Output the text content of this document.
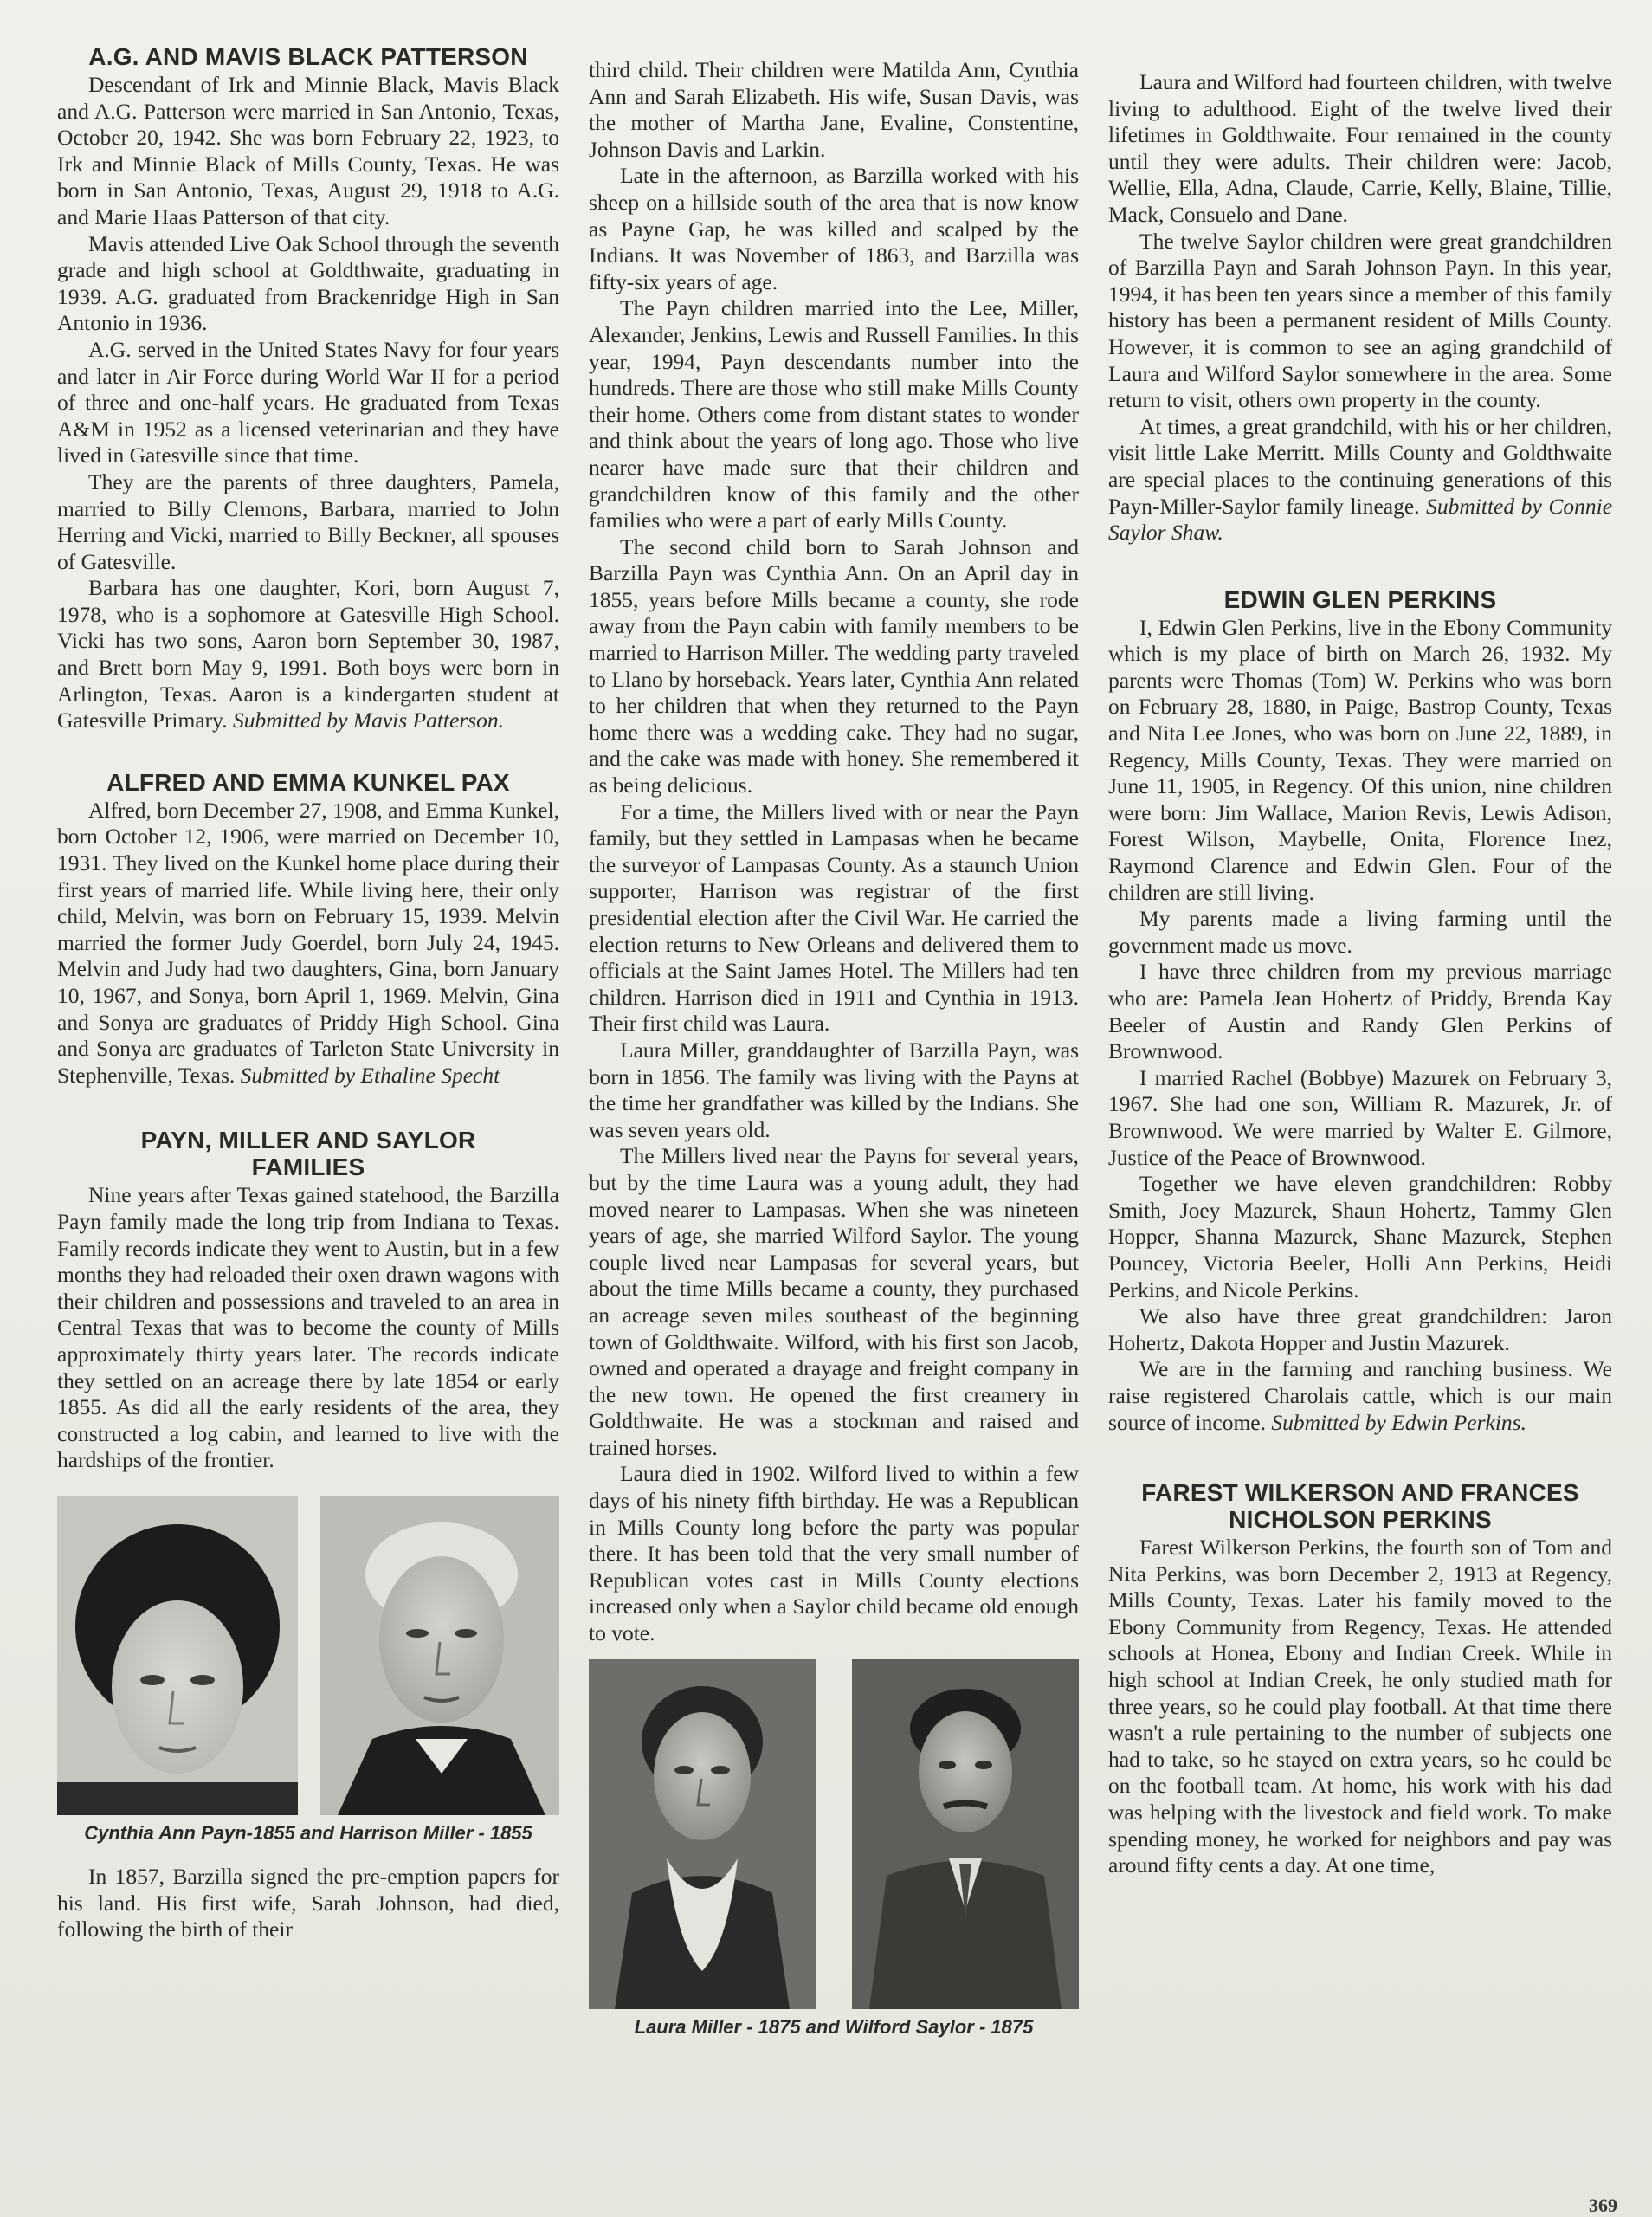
A.G. AND MAVIS BLACK PATTERSON

Descendant of Irk and Minnie Black, Mavis Black and A.G. Patterson were married in San Antonio, Texas, October 20, 1942. She was born February 22, 1923, to Irk and Minnie Black of Mills County, Texas. He was born in San Antonio, Texas, August 29, 1918 to A.G. and Marie Haas Patterson of that city.

Mavis attended Live Oak School through the seventh grade and high school at Goldthwaite, graduating in 1939. A.G. graduated from Brackenridge High in San Antonio in 1936.

A.G. served in the United States Navy for four years and later in Air Force during World War II for a period of three and one-half years. He graduated from Texas A&M in 1952 as a licensed veterinarian and they have lived in Gatesville since that time.

They are the parents of three daughters, Pamela, married to Billy Clemons, Barbara, married to John Herring and Vicki, married to Billy Beckner, all spouses of Gatesville.

Barbara has one daughter, Kori, born August 7, 1978, who is a sophomore at Gatesville High School. Vicki has two sons, Aaron born September 30, 1987, and Brett born May 9, 1991. Both boys were born in Arlington, Texas. Aaron is a kindergarten student at Gatesville Primary. Submitted by Mavis Patterson.

ALFRED AND EMMA KUNKEL PAX

Alfred, born December 27, 1908, and Emma Kunkel, born October 12, 1906, were married on December 10, 1931. They lived on the Kunkel home place during their first years of married life. While living here, their only child, Melvin, was born on February 15, 1939. Melvin married the former Judy Goerdel, born July 24, 1945. Melvin and Judy had two daughters, Gina, born January 10, 1967, and Sonya, born April 1, 1969. Melvin, Gina and Sonya are graduates of Priddy High School. Gina and Sonya are graduates of Tarleton State University in Stephenville, Texas. Submitted by Ethaline Specht

PAYN, MILLER AND SAYLOR
FAMILIES

Nine years after Texas gained statehood, the Barzilla Payn family made the long trip from Indiana to Texas. Family records indicate they went to Austin, but in a few months they had reloaded their oxen drawn wagons with their children and possessions and traveled to an area in Central Texas that was to become the county of Mills approximately thirty years later. The records indicate they settled on an acreage there by late 1854 or early 1855. As did all the early residents of the area, they constructed a log cabin, and learned to live with the hardships of the frontier.

Cynthia Ann Payn-1855 and Harrison Miller - 1855

In 1857, Barzilla signed the pre-emption papers for his land. His first wife, Sarah Johnson, had died, following the birth of their

third child. Their children were Matilda Ann, Cynthia Ann and Sarah Elizabeth. His wife, Susan Davis, was the mother of Martha Jane, Evaline, Constentine, Johnson Davis and Larkin.

Late in the afternoon, as Barzilla worked with his sheep on a hillside south of the area that is now know as Payne Gap, he was killed and scalped by the Indians. It was November of 1863, and Barzilla was fifty-six years of age.

The Payn children married into the Lee, Miller, Alexander, Jenkins, Lewis and Russell Families. In this year, 1994, Payn descendants number into the hundreds. There are those who still make Mills County their home. Others come from distant states to wonder and think about the years of long ago. Those who live nearer have made sure that their children and grandchildren know of this family and the other families who were a part of early Mills County.

The second child born to Sarah Johnson and Barzilla Payn was Cynthia Ann. On an April day in 1855, years before Mills became a county, she rode away from the Payn cabin with family members to be married to Harrison Miller. The wedding party traveled to Llano by horseback. Years later, Cynthia Ann related to her children that when they returned to the Payn home there was a wedding cake. They had no sugar, and the cake was made with honey. She remembered it as being delicious.

For a time, the Millers lived with or near the Payn family, but they settled in Lampasas when he became the surveyor of Lampasas County. As a staunch Union supporter, Harrison was registrar of the first presidential election after the Civil War. He carried the election returns to New Orleans and delivered them to officials at the Saint James Hotel. The Millers had ten children. Harrison died in 1911 and Cynthia in 1913. Their first child was Laura.

Laura Miller, granddaughter of Barzilla Payn, was born in 1856. The family was living with the Payns at the time her grandfather was killed by the Indians. She was seven years old.

The Millers lived near the Payns for several years, but by the time Laura was a young adult, they had moved nearer to Lampasas. When she was nineteen years of age, she married Wilford Saylor. The young couple lived near Lampasas for several years, but about the time Mills became a county, they purchased an acreage seven miles southeast of the beginning town of Goldthwaite. Wilford, with his first son Jacob, owned and operated a drayage and freight company in the new town. He opened the first creamery in Goldthwaite. He was a stockman and raised and trained horses.

Laura died in 1902. Wilford lived to within a few days of his ninety fifth birthday. He was a Republican in Mills County long before the party was popular there. It has been told that the very small number of Republican votes cast in Mills County elections increased only when a Saylor child became old enough to vote.

Laura Miller - 1875 and Wilford Saylor - 1875

Laura and Wilford had fourteen children, with twelve living to adulthood. Eight of the twelve lived their lifetimes in Goldthwaite. Four remained in the county until they were adults. Their children were: Jacob, Wellie, Ella, Adna, Claude, Carrie, Kelly, Blaine, Tillie, Mack, Consuelo and Dane.

The twelve Saylor children were great grandchildren of Barzilla Payn and Sarah Johnson Payn. In this year, 1994, it has been ten years since a member of this family history has been a permanent resident of Mills County. However, it is common to see an aging grandchild of Laura and Wilford Saylor somewhere in the area. Some return to visit, others own property in the county.

At times, a great grandchild, with his or her children, visit little Lake Merritt. Mills County and Goldthwaite are special places to the continuing generations of this Payn-Miller-Saylor family lineage. Submitted by Connie Saylor Shaw.

EDWIN GLEN PERKINS

I, Edwin Glen Perkins, live in the Ebony Community which is my place of birth on March 26, 1932. My parents were Thomas (Tom) W. Perkins who was born on February 28, 1880, in Paige, Bastrop County, Texas and Nita Lee Jones, who was born on June 22, 1889, in Regency, Mills County, Texas. They were married on June 11, 1905, in Regency. Of this union, nine children were born: Jim Wallace, Marion Revis, Lewis Adison, Forest Wilson, Maybelle, Onita, Florence Inez, Raymond Clarence and Edwin Glen. Four of the children are still living.

My parents made a living farming until the government made us move.

I have three children from my previous marriage who are: Pamela Jean Hohertz of Priddy, Brenda Kay Beeler of Austin and Randy Glen Perkins of Brownwood.

I married Rachel (Bobbye) Mazurek on February 3, 1967. She had one son, William R. Mazurek, Jr. of Brownwood. We were married by Walter E. Gilmore, Justice of the Peace of Brownwood.

Together we have eleven grandchildren: Robby Smith, Joey Mazurek, Shaun Hohertz, Tammy Glen Hopper, Shanna Mazurek, Shane Mazurek, Stephen Pouncey, Victoria Beeler, Holli Ann Perkins, Heidi Perkins, and Nicole Perkins.

We also have three great grandchildren: Jaron Hohertz, Dakota Hopper and Justin Mazurek.

We are in the farming and ranching business. We raise registered Charolais cattle, which is our main source of income. Submitted by Edwin Perkins.

FAREST WILKERSON AND FRANCES
NICHOLSON PERKINS

Farest Wilkerson Perkins, the fourth son of Tom and Nita Perkins, was born December 2, 1913 at Regency, Mills County, Texas. Later his family moved to the Ebony Community from Regency, Texas. He attended schools at Honea, Ebony and Indian Creek. While in high school at Indian Creek, he only studied math for three years, so he could play football. At that time there wasn't a rule pertaining to the number of subjects one had to take, so he stayed on extra years, so he could be on the football team. At home, his work with his dad was helping with the livestock and field work. To make spending money, he worked for neighbors and pay was around fifty cents a day. At one time,

369
